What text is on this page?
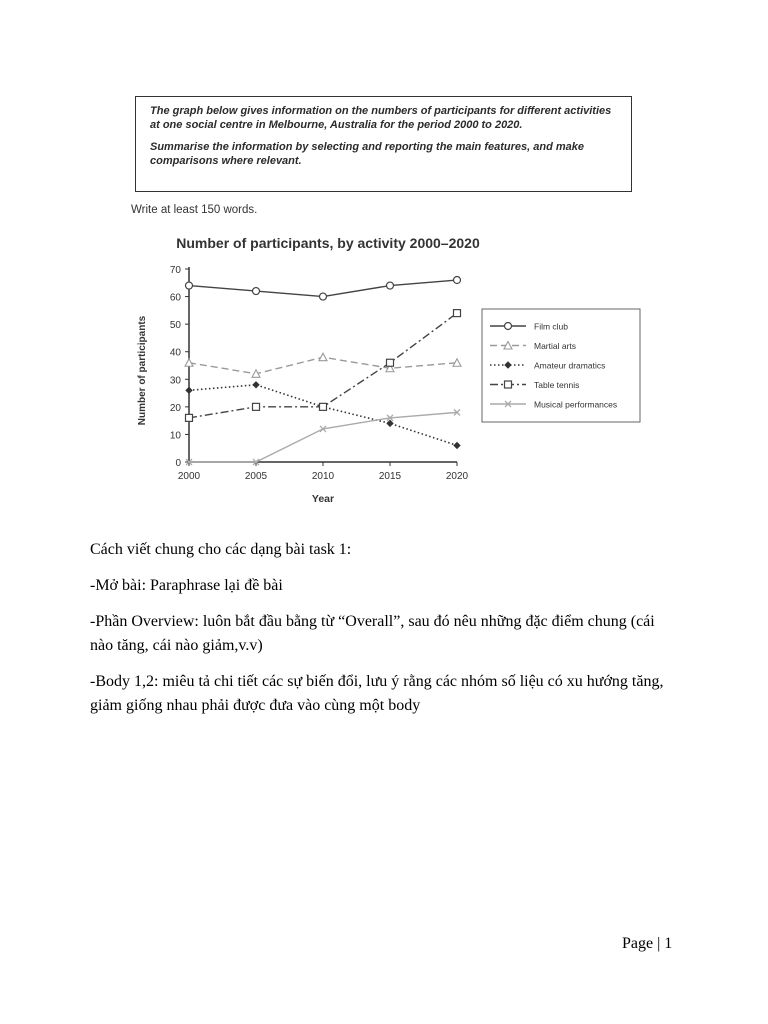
The graph below gives information on the numbers of participants for different activities at one social centre in Melbourne, Australia for the period 2000 to 2020.

Summarise the information by selecting and reporting the main features, and make comparisons where relevant.

Write at least 150 words.
Number of participants, by activity 2000–2020
0
10
20
30
40
50
60
70
2000	2005	2010	2015	2020
Year
Number of participants	Film club
Martial arts
Amateur dramatics
Table tennis
Musical performances

Cách viết chung cho các dạng bài task 1:

-Mở bài: Paraphrase lại đề bài

-Phần Overview: luôn bắt đầu bằng từ “Overall”, sau đó nêu những đặc điểm chung (cái nào tăng, cái nào giảm,v.v)

-Body 1,2: miêu tả chi tiết các sự biến đổi, lưu ý rằng các nhóm số liệu có xu hướng tăng, giảm giống nhau phải được đưa vào cùng một body

Page | 1
